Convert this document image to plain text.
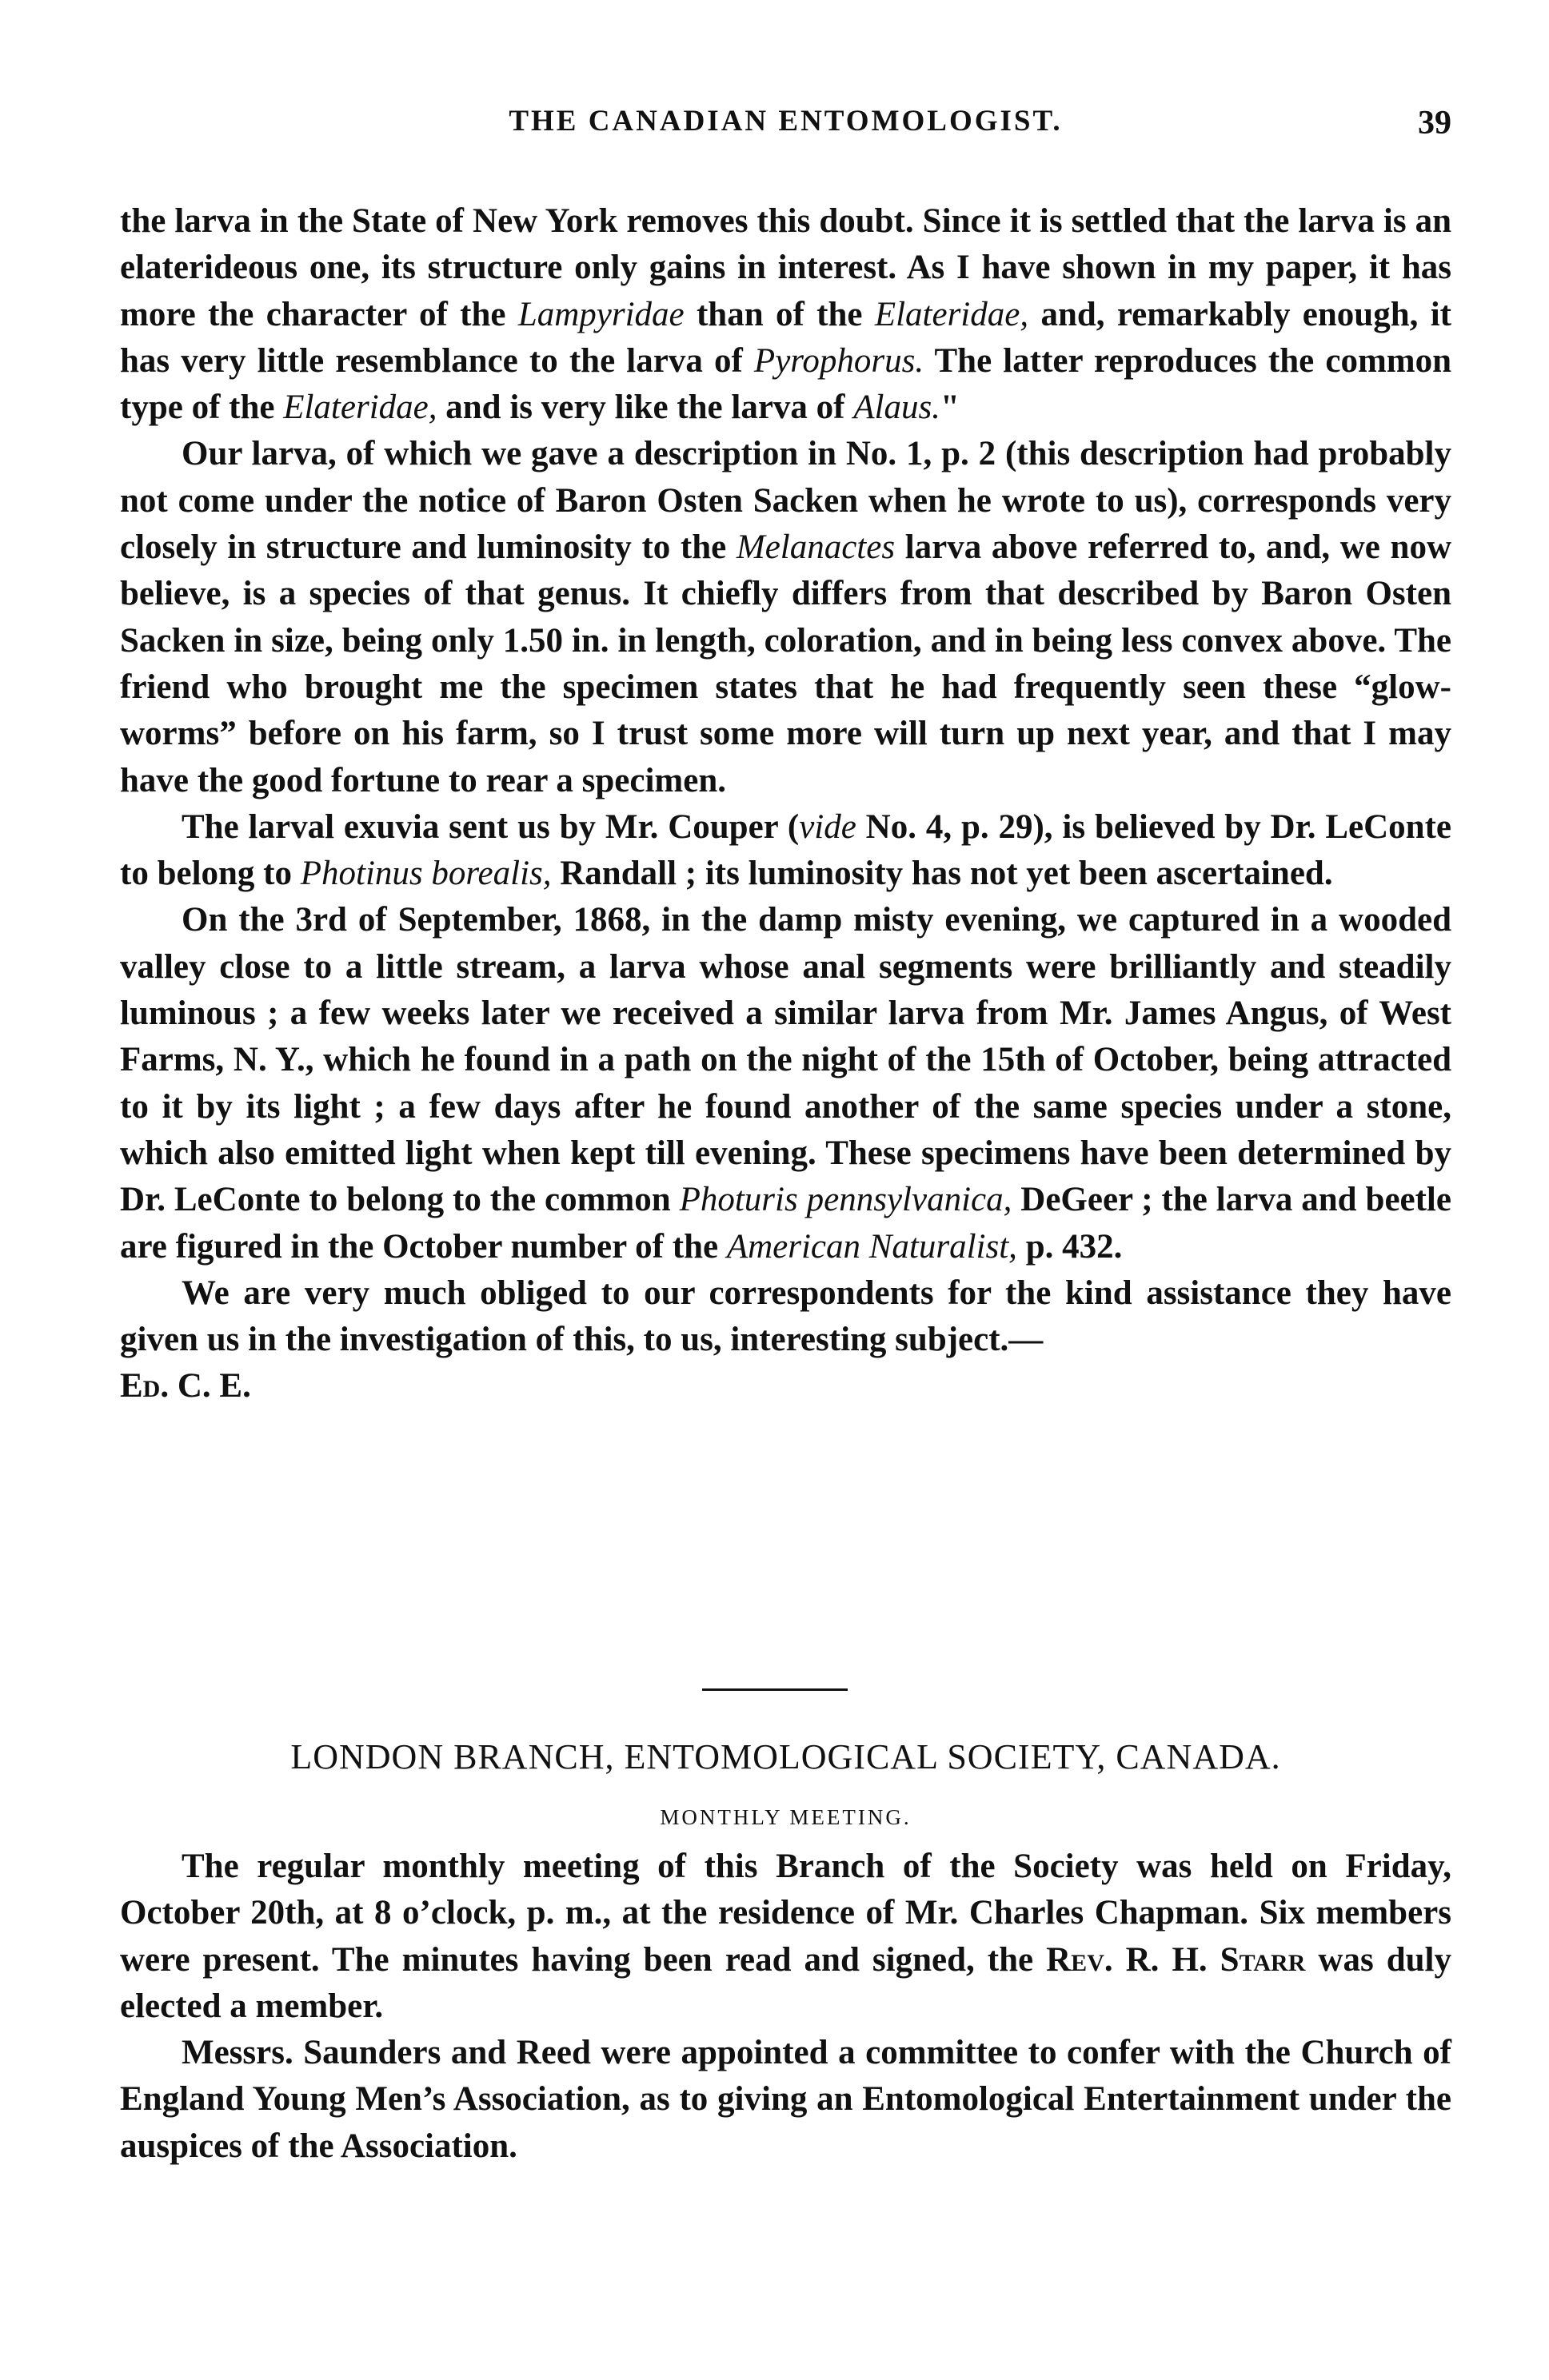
THE CANADIAN ENTOMOLOGIST.	39

the larva in the State of New York removes this doubt. Since it is settled that the larva is an elaterideous one, its structure only gains in interest. As I have shown in my paper, it has more the character of the Lampyridae than of the Elateridae, and, remarkably enough, it has very little resemblance to the larva of Pyrophorus. The latter reproduces the common type of the Elateridae, and is very like the larva of Alaus."

Our larva, of which we gave a description in No. 1, p. 2 (this description had probably not come under the notice of Baron Osten Sacken when he wrote to us), corresponds very closely in structure and luminosity to the Melanactes larva above referred to, and, we now believe, is a species of that genus. It chiefly differs from that described by Baron Osten Sacken in size, being only 1.50 in. in length, coloration, and in being less convex above. The friend who brought me the specimen states that he had frequently seen these “glow-worms” before on his farm, so I trust some more will turn up next year, and that I may have the good fortune to rear a specimen.

The larval exuvia sent us by Mr. Couper (vide No. 4, p. 29), is believed by Dr. LeConte to belong to Photinus borealis, Randall ; its luminosity has not yet been ascertained.

On the 3rd of September, 1868, in the damp misty evening, we captured in a wooded valley close to a little stream, a larva whose anal segments were brilliantly and steadily luminous ; a few weeks later we received a similar larva from Mr. James Angus, of West Farms, N. Y., which he found in a path on the night of the 15th of October, being attracted to it by its light ; a few days after he found another of the same species under a stone, which also emitted light when kept till evening. These specimens have been determined by Dr. LeConte to belong to the common Photuris pennsylvanica, DeGeer ; the larva and beetle are figured in the October number of the American Naturalist, p. 432.

We are very much obliged to our correspondents for the kind assistance they have given us in the investigation of this, to us, interesting subject.—

Ed. C. E.

LONDON BRANCH, ENTOMOLOGICAL SOCIETY, CANADA.
MONTHLY MEETING.

The regular monthly meeting of this Branch of the Society was held on Friday, October 20th, at 8 o’clock, p. m., at the residence of Mr. Charles Chapman. Six members were present. The minutes having been read and signed, the Rev. R. H. Starr was duly elected a member.

Messrs. Saunders and Reed were appointed a committee to confer with the Church of England Young Men’s Association, as to giving an Entomological Entertainment under the auspices of the Association.
